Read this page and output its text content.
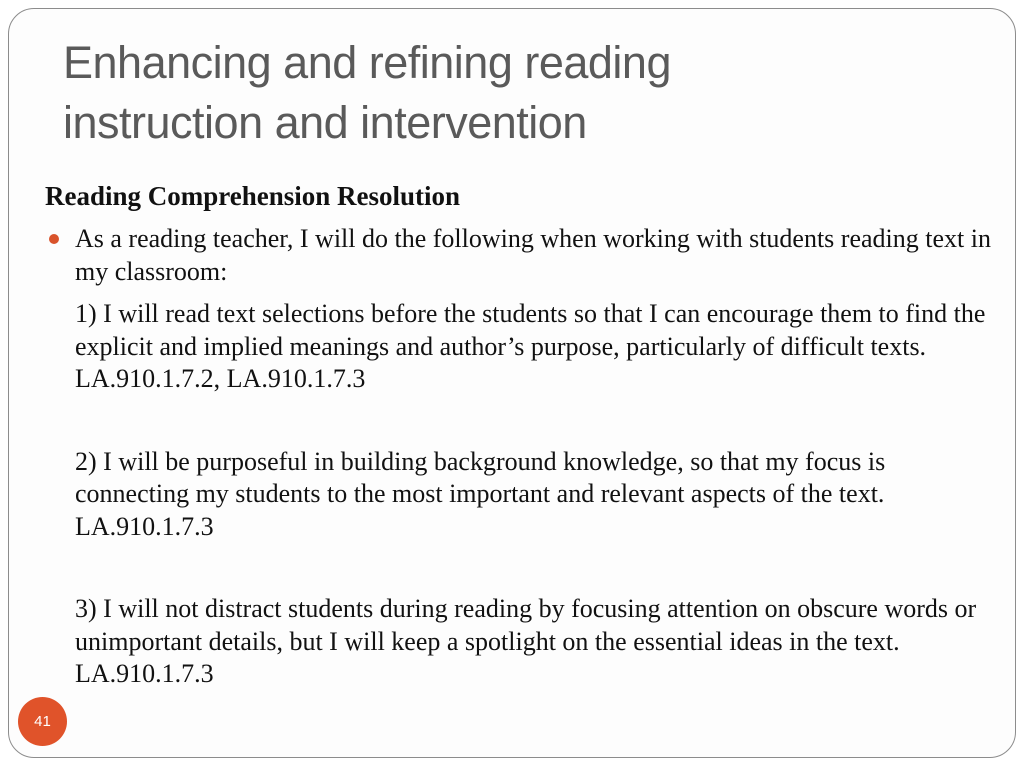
Enhancing and refining reading
instruction and intervention

Reading Comprehension Resolution

As a reading teacher, I will do the following when working with students reading text in my classroom:

1) I will read text selections before the students so that I can encourage them to find the explicit and implied meanings and author’s purpose, particularly of difficult texts. LA.910.1.7.2, LA.910.1.7.3

2) I will be purposeful in building background knowledge, so that my focus is connecting my students to the most important and relevant aspects of the text. LA.910.1.7.3

3) I will not distract students during reading by focusing attention on obscure words or unimportant details, but I will keep a spotlight on the essential ideas in the text. LA.910.1.7.3

41
